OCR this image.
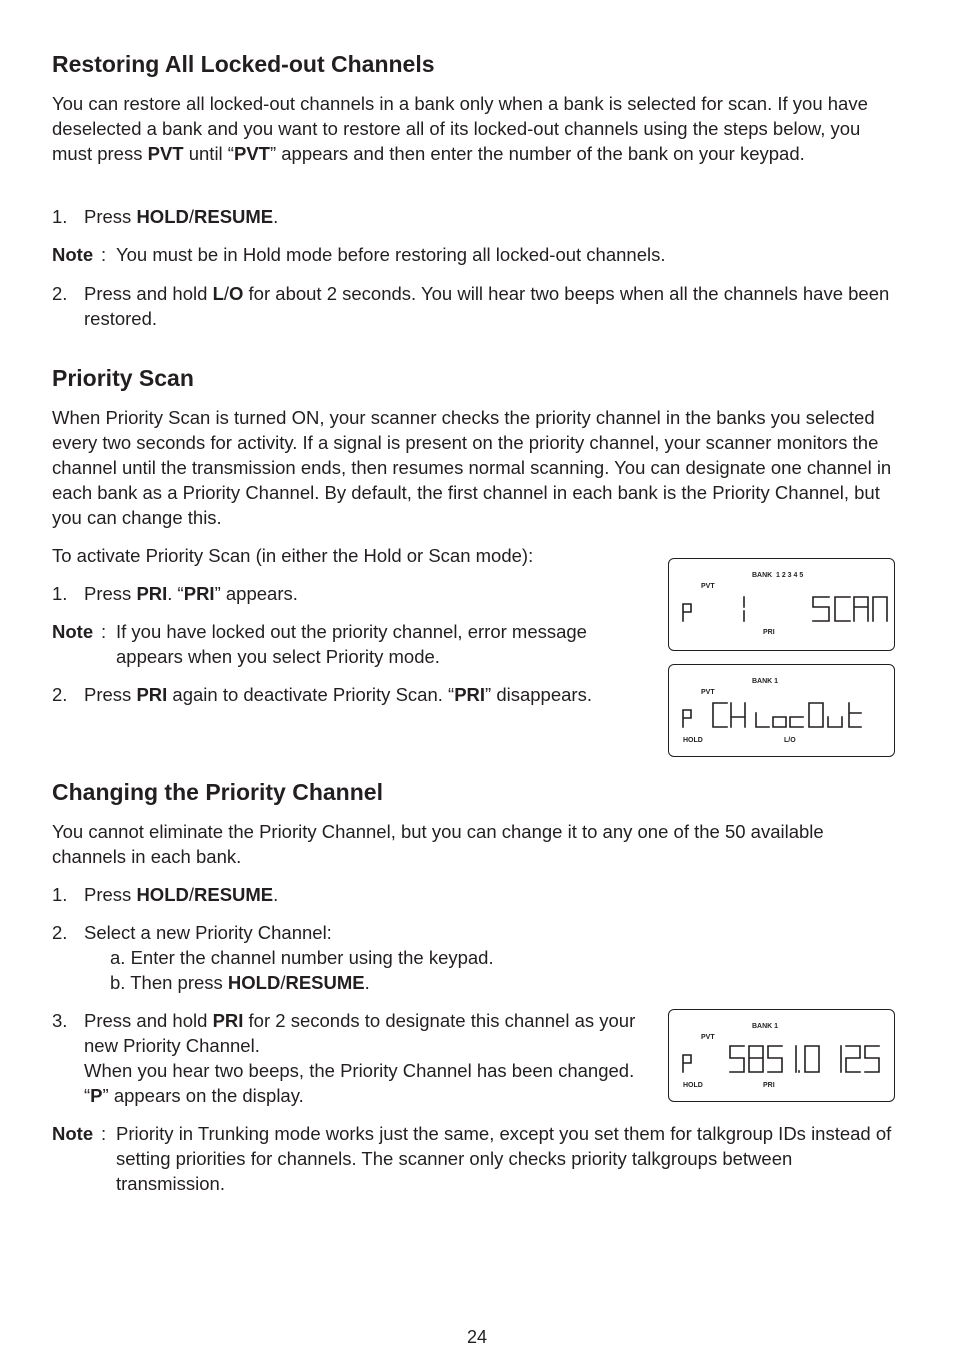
Restoring All Locked-out Channels
You can restore all locked-out channels in a bank only when a bank is selected for scan. If you have deselected a bank and you want to restore all of its locked-out channels using the steps below, you must press PVT until “PVT” appears and then enter the number of the bank on your keypad.
1. Press HOLD/RESUME.
Note : You must be in Hold mode before restoring all locked-out channels.
2. Press and hold L/O for about 2 seconds. You will hear two beeps when all the channels have been restored.
Priority Scan
When Priority Scan is turned ON, your scanner checks the priority channel in the banks you selected every two seconds for activity. If a signal is present on the priority channel, your scanner monitors the channel until the transmission ends, then resumes normal scanning. You can designate one channel in each bank as a Priority Channel. By default, the first channel in each bank is the Priority Channel, but you can change this.
To activate Priority Scan (in either the Hold or Scan mode):
1. Press PRI. “PRI” appears.
Note : If you have locked out the priority channel, error message appears when you select Priority mode.
2. Press PRI again to deactivate Priority Scan. “PRI” disappears.
BANK 1 2 3 4 5
PVT
PRI
BANK 1
PVT
HOLD	L/O
Changing the Priority Channel
You cannot eliminate the Priority Channel, but you can change it to any one of the 50 available channels in each bank.
1. Press HOLD/RESUME.
2. Select a new Priority Channel:
a. Enter the channel number using the keypad.
b. Then press HOLD/RESUME.
3. Press and hold PRI for 2 seconds to designate this channel as your new Priority Channel.
When you hear two beeps, the Priority Channel has been changed. “P” appears on the display.
BANK 1
PVT
HOLD	PRI
Note : Priority in Trunking mode works just the same, except you set them for talkgroup IDs instead of setting priorities for channels. The scanner only checks priority talkgroups between transmission.
24
